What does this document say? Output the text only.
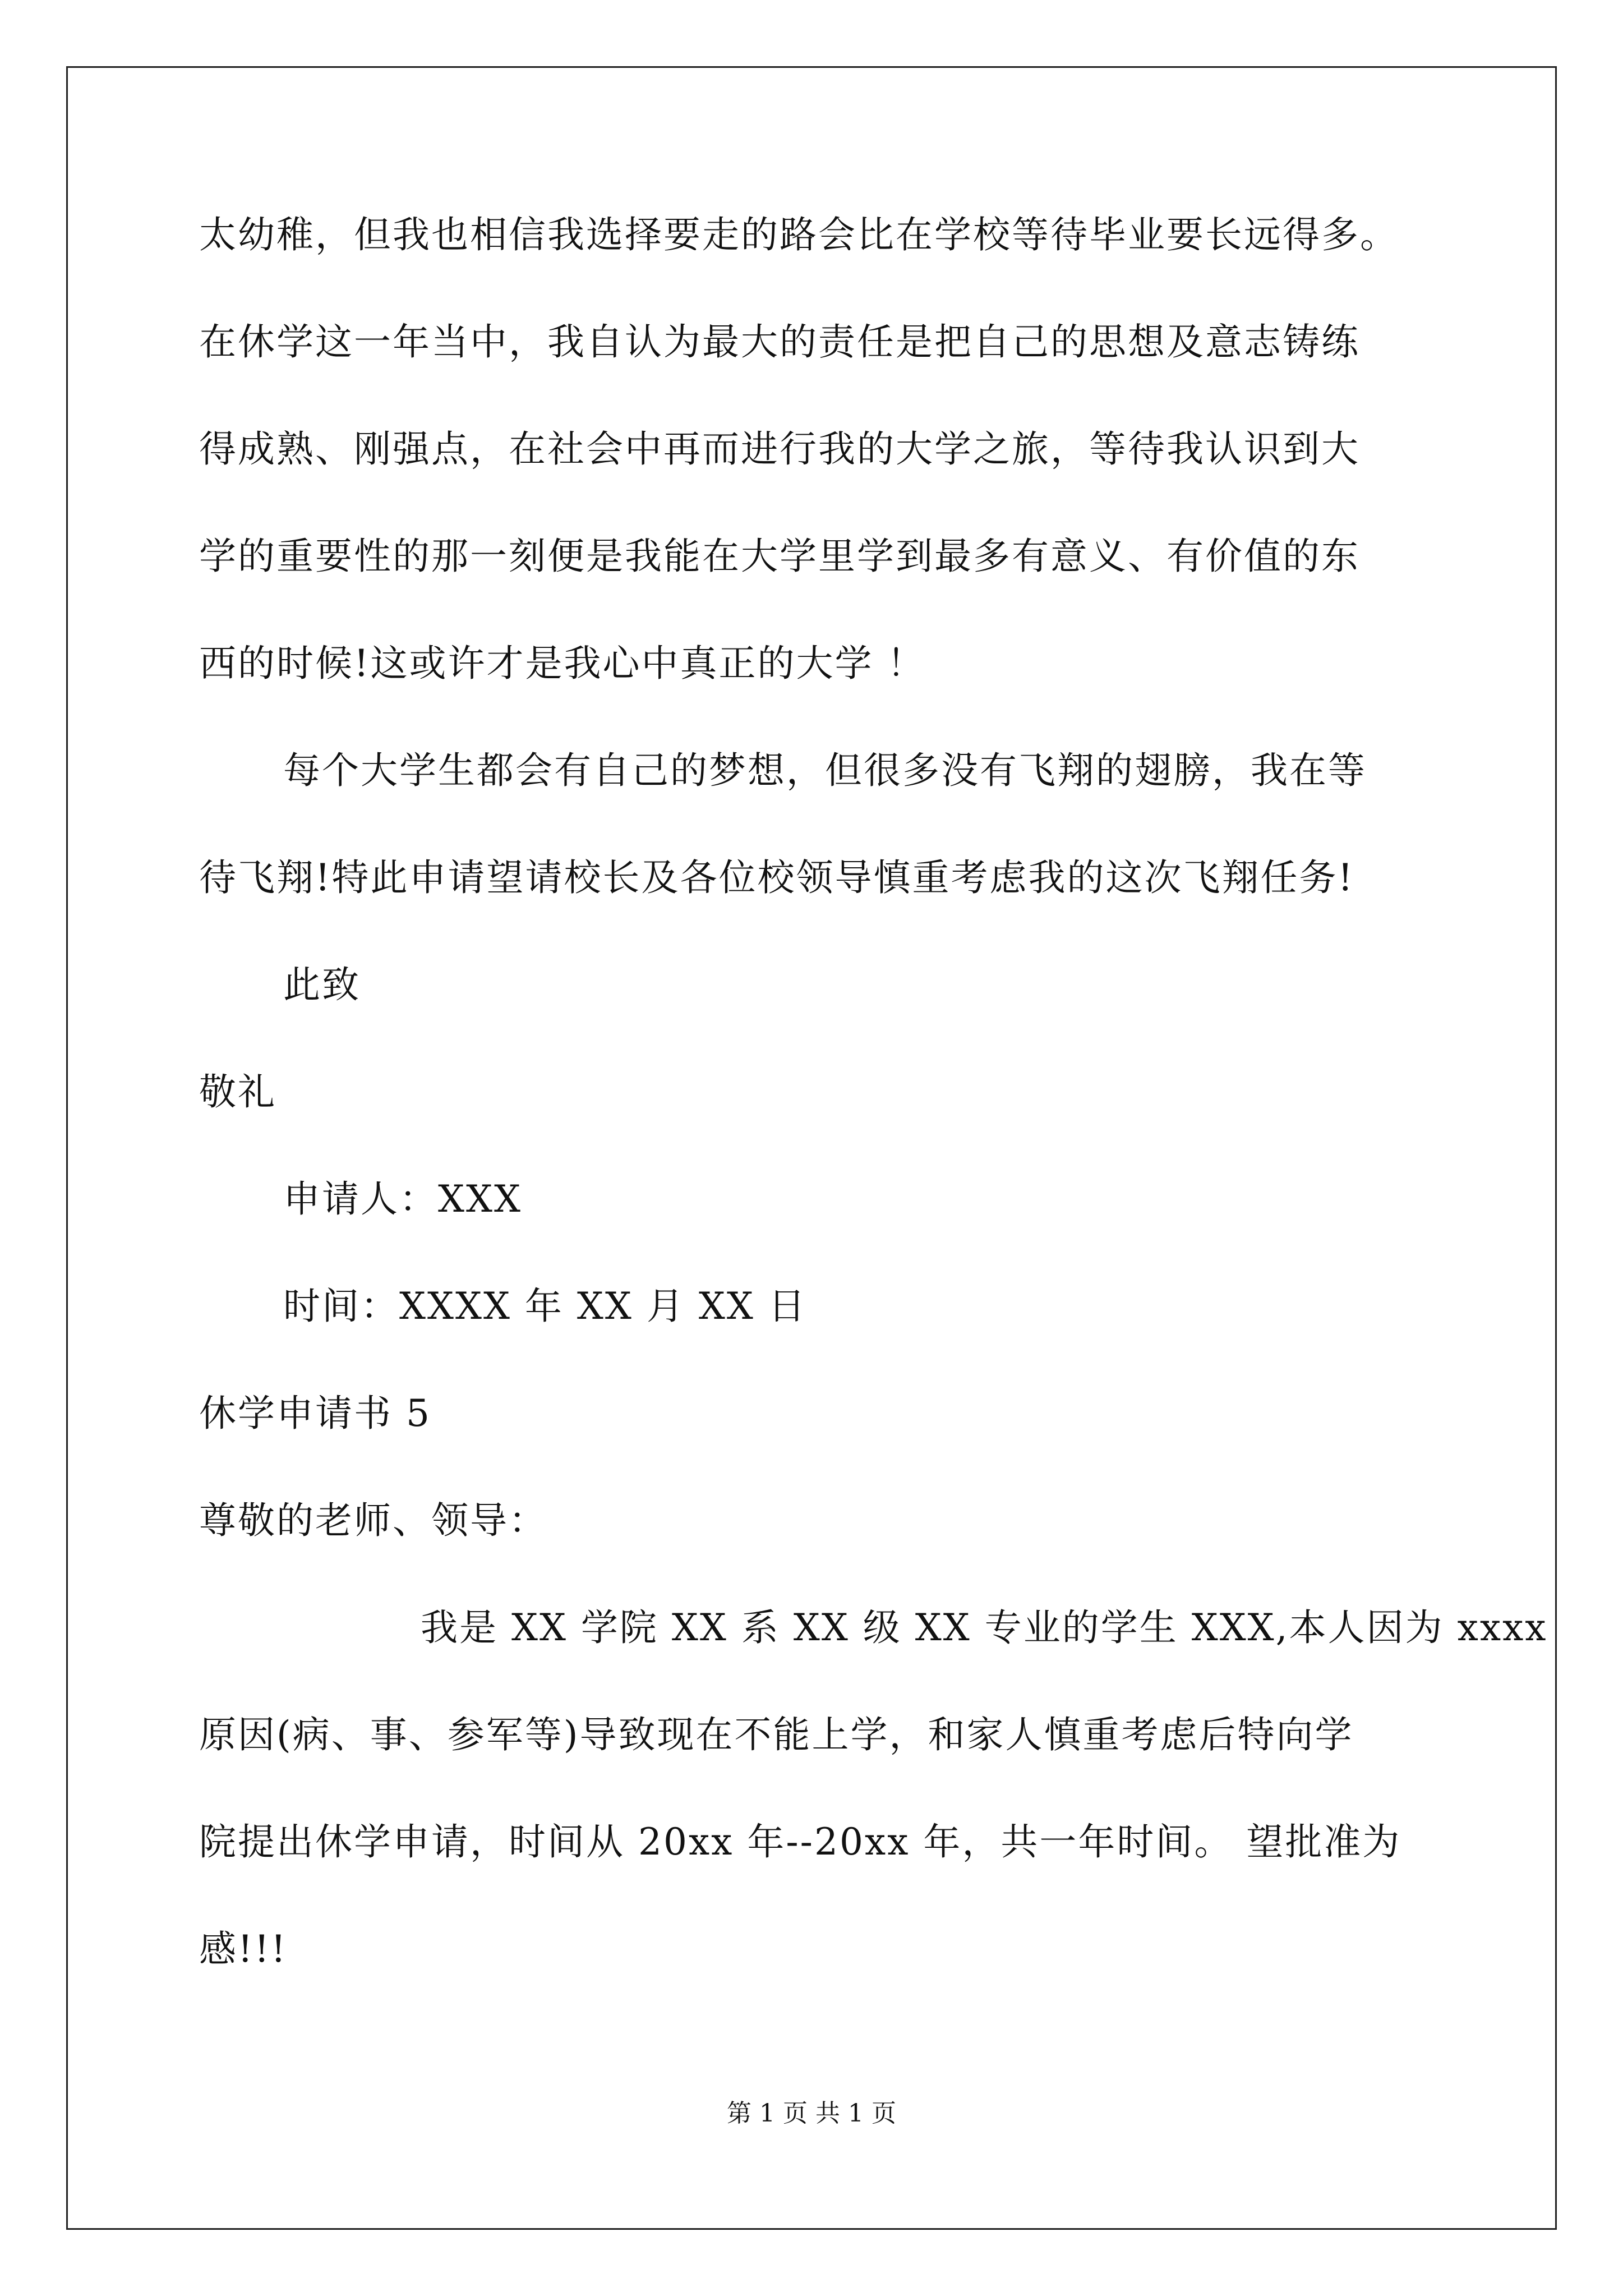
太幼稚，但我也相信我选择要走的路会比在学校等待毕业要长远得多。
在休学这一年当中，我自认为最大的责任是把自己的思想及意志铸练
得成熟、刚强点，在社会中再而进行我的大学之旅，等待我认识到大
学的重要性的那一刻便是我能在大学里学到最多有意义、有价值的东
西的时候!这或许才是我心中真正的大学 ！
每个大学生都会有自己的梦想，但很多没有飞翔的翅膀，我在等
待飞翔!特此申请望请校长及各位校领导慎重考虑我的这次飞翔任务!
此致
敬礼
申请人：XXX
时间：XXXX 年 XX 月 XX 日
休学申请书 5
尊敬的老师、领导：
我是 XX 学院 XX 系 XX 级 XX 专业的学生 XXX,本人因为 xxxx
原因(病、事、参军等)导致现在不能上学，和家人慎重考虑后特向学
院提出休学申请，时间从 20xx 年--20xx 年，共一年时间。 望批准为
感!!!
第 1 页 共 1 页
